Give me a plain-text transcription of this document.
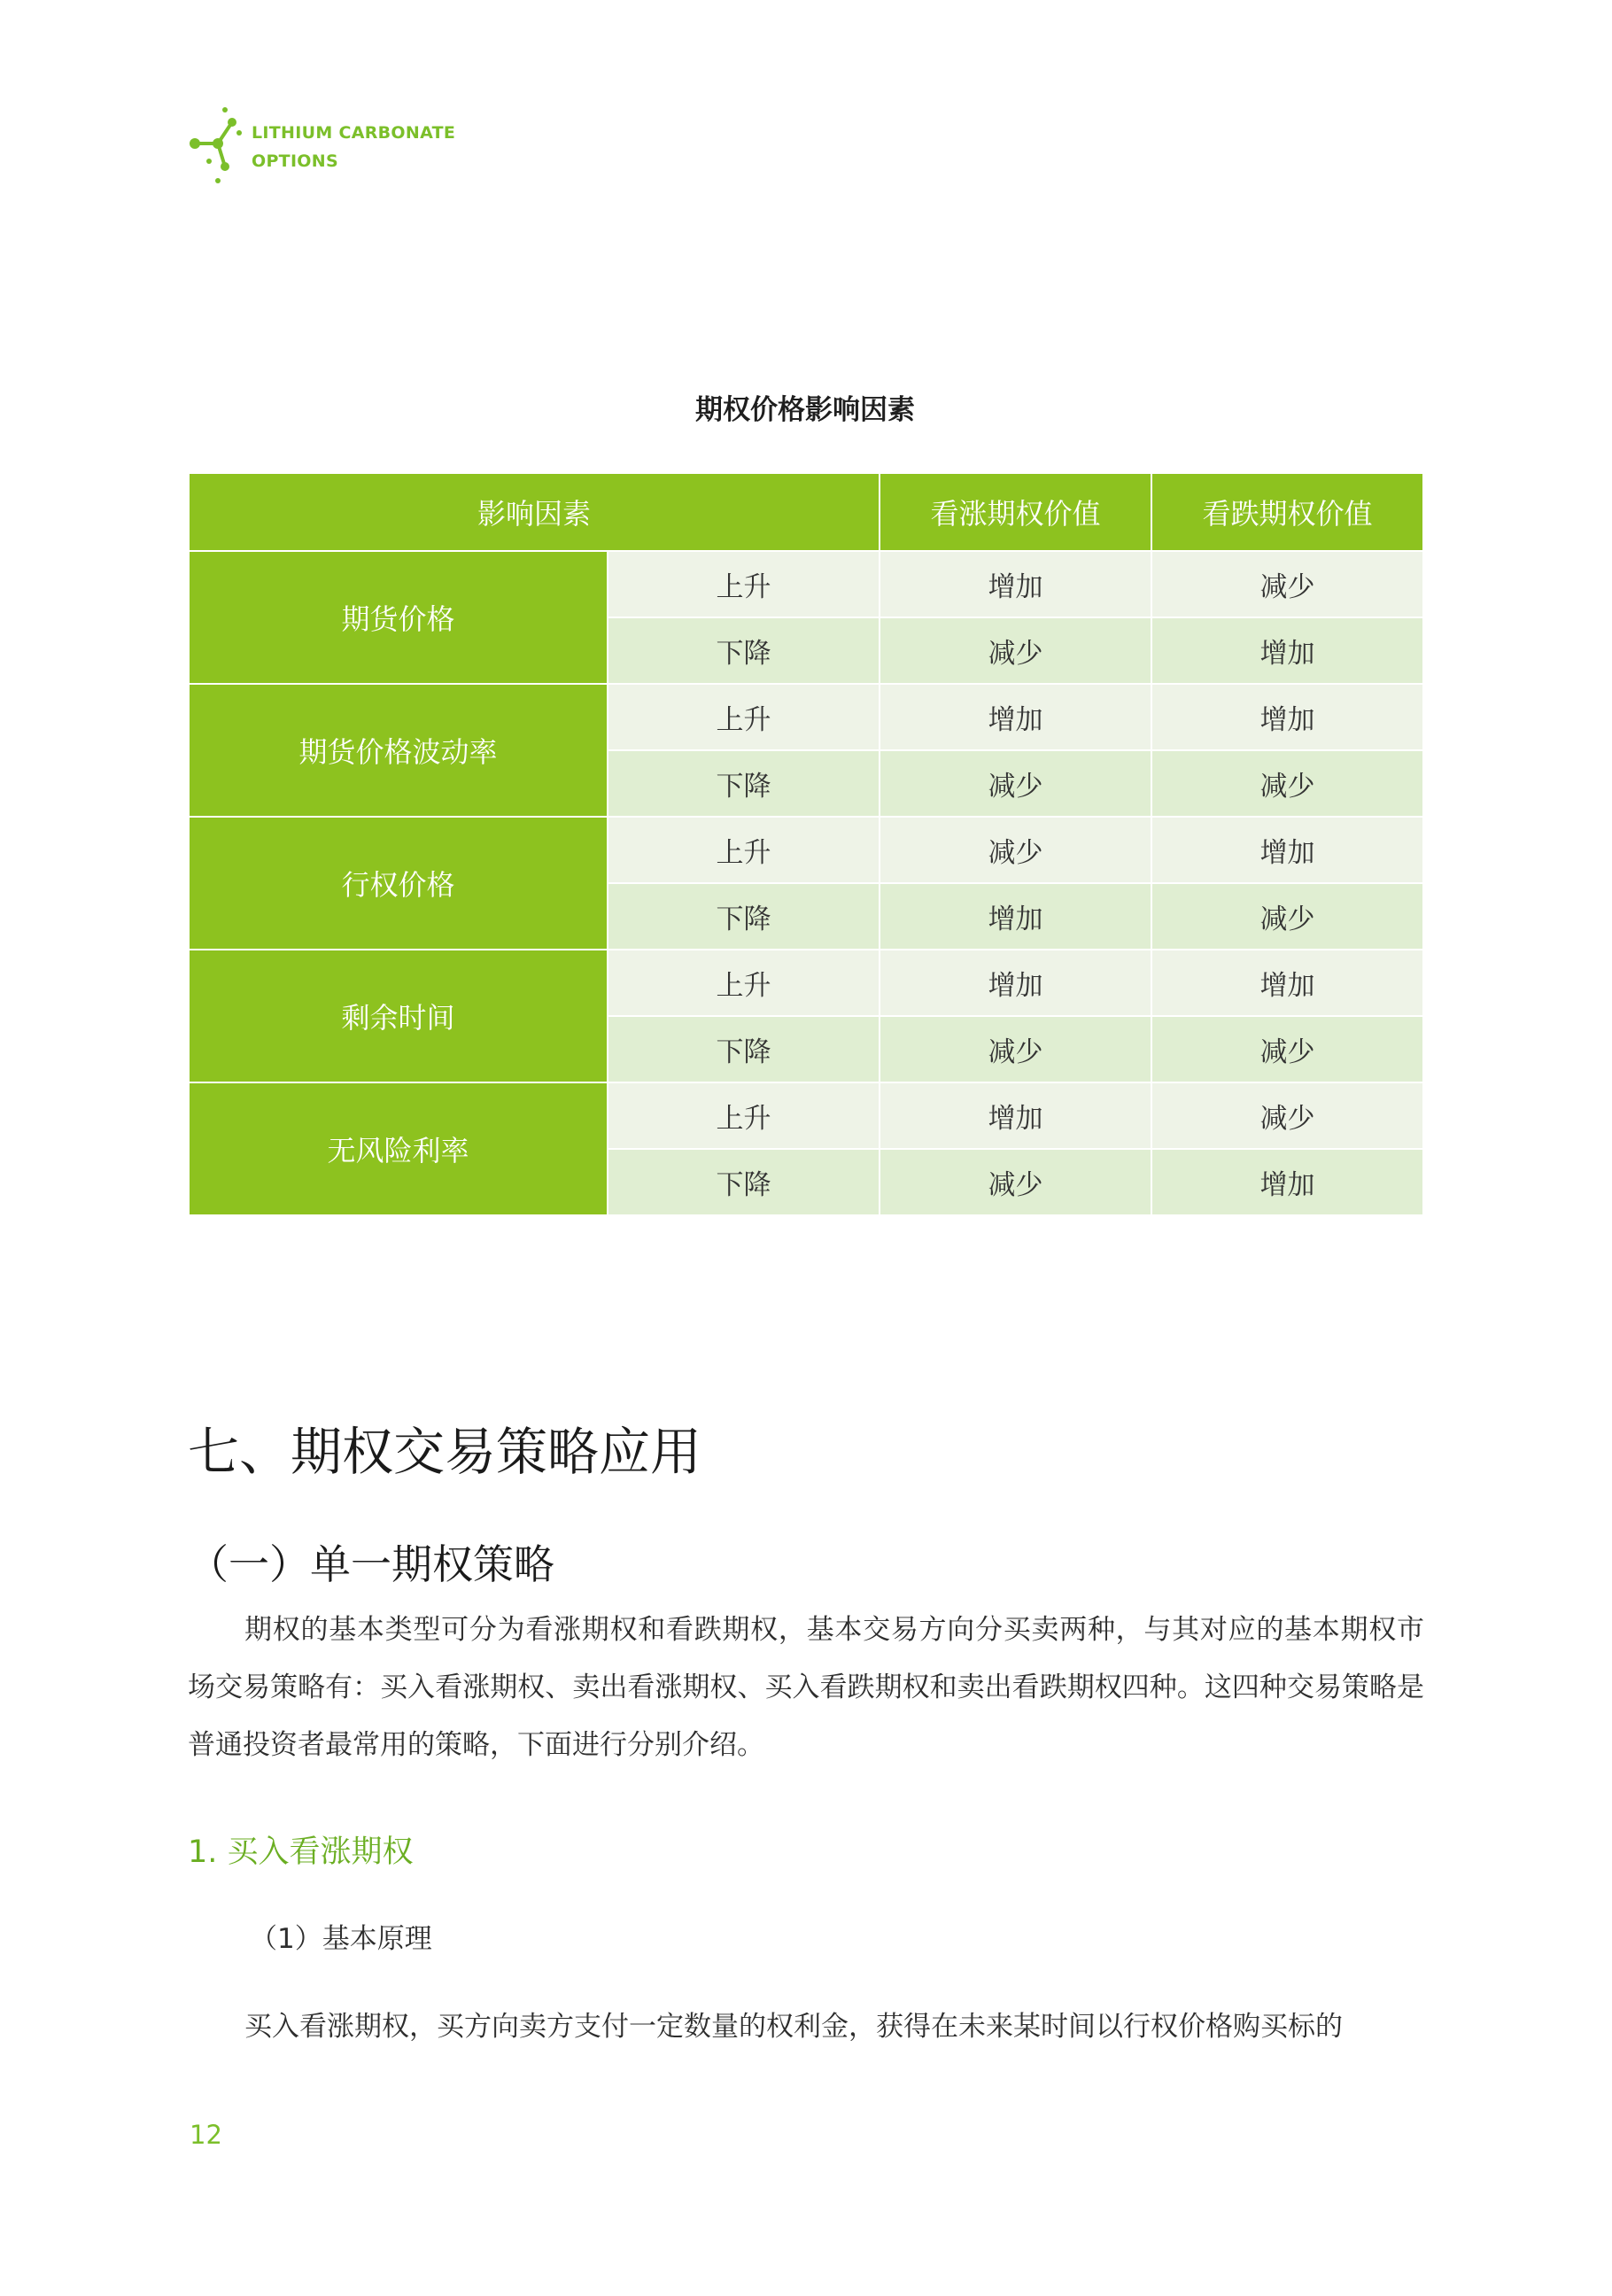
LITHIUM CARBONATE
OPTIONS
期权价格影响因素
影响因素		看涨期权价值	看跌期权价值
期货价格	上升	增加	减少
	下降	减少	增加
期货价格波动率	上升	增加	增加
	下降	减少	减少
行权价格	上升	减少	增加
	下降	增加	减少
剩余时间	上升	增加	增加
	下降	减少	减少
无风险利率	上升	增加	减少
	下降	减少	增加
七、期权交易策略应用
（一）单一期权策略
期权的基本类型可分为看涨期权和看跌期权，基本交易方向分买卖两种，与其对应的基本期权市场交易策略有：买入看涨期权、卖出看涨期权、买入看跌期权和卖出看跌期权四种。这四种交易策略是普通投资者最常用的策略，下面进行分别介绍。
1. 买入看涨期权
（1）基本原理
买入看涨期权，买方向卖方支付一定数量的权利金，获得在未来某时间以行权价格购买标的
12
